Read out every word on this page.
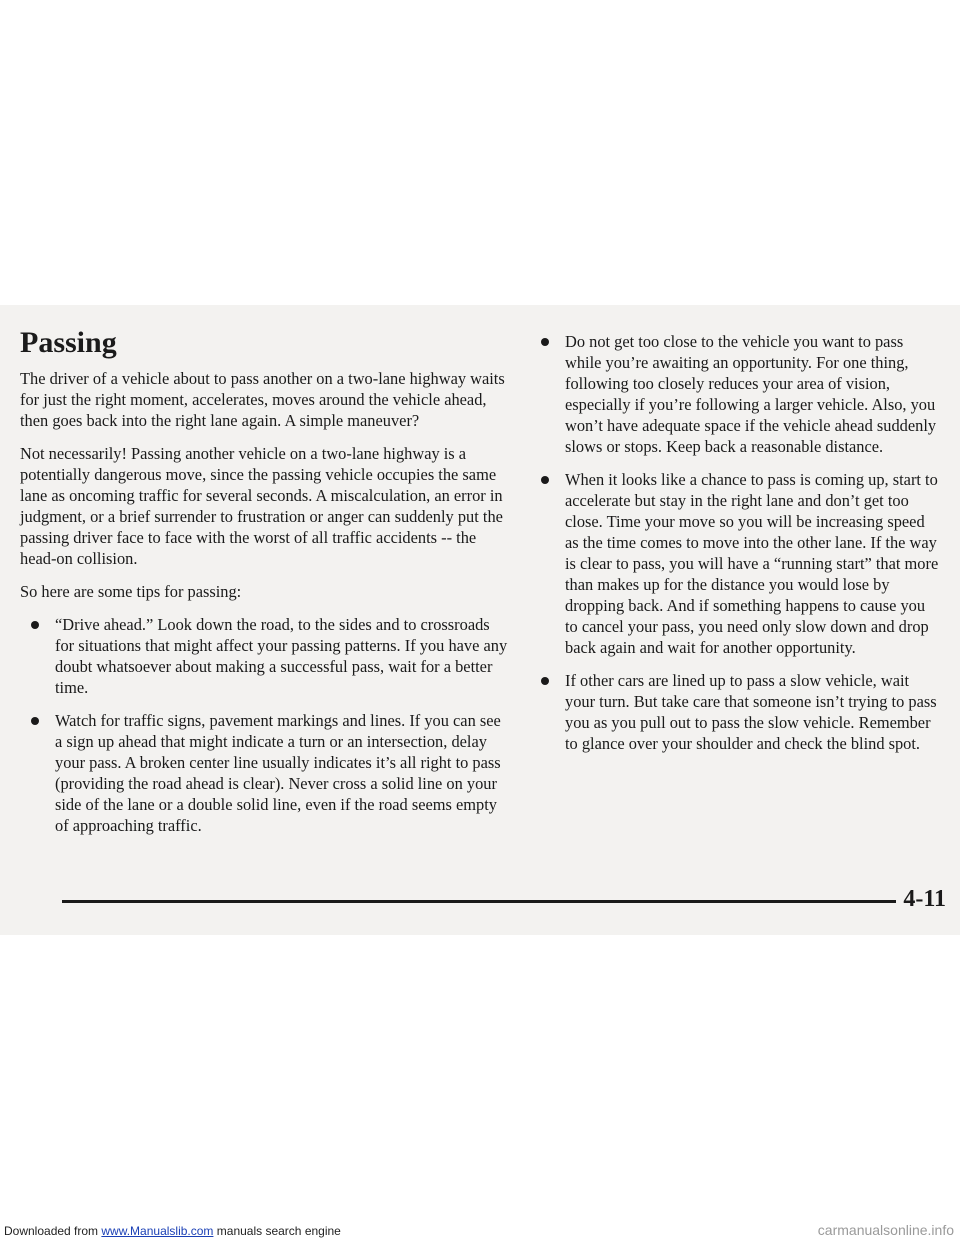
Passing

The driver of a vehicle about to pass another on a two-lane highway waits for just the right moment, accelerates, moves around the vehicle ahead, then goes back into the right lane again. A simple maneuver?

Not necessarily! Passing another vehicle on a two-lane highway is a potentially dangerous move, since the passing vehicle occupies the same lane as oncoming traffic for several seconds. A miscalculation, an error in judgment, or a brief surrender to frustration or anger can suddenly put the passing driver face to face with the worst of all traffic accidents -- the head-on collision.

So here are some tips for passing:

“Drive ahead.” Look down the road, to the sides and to crossroads for situations that might affect your passing patterns. If you have any doubt whatsoever about making a successful pass, wait for a better time.
Watch for traffic signs, pavement markings and lines. If you can see a sign up ahead that might indicate a turn or an intersection, delay your pass. A broken center line usually indicates it’s all right to pass (providing the road ahead is clear). Never cross a solid line on your side of the lane or a double solid line, even if the road seems empty of approaching traffic.
Do not get too close to the vehicle you want to pass while you’re awaiting an opportunity. For one thing, following too closely reduces your area of vision, especially if you’re following a larger vehicle. Also, you won’t have adequate space if the vehicle ahead suddenly slows or stops. Keep back a reasonable distance.
When it looks like a chance to pass is coming up, start to accelerate but stay in the right lane and don’t get too close. Time your move so you will be increasing speed as the time comes to move into the other lane. If the way is clear to pass, you will have a “running start” that more than makes up for the distance you would lose by dropping back. And if something happens to cause you to cancel your pass, you need only slow down and drop back again and wait for another opportunity.
If other cars are lined up to pass a slow vehicle, wait your turn. But take care that someone isn’t trying to pass you as you pull out to pass the slow vehicle. Remember to glance over your shoulder and check the blind spot.

4-11

Downloaded from www.Manualslib.com manuals search engine	carmanualsonline.info
